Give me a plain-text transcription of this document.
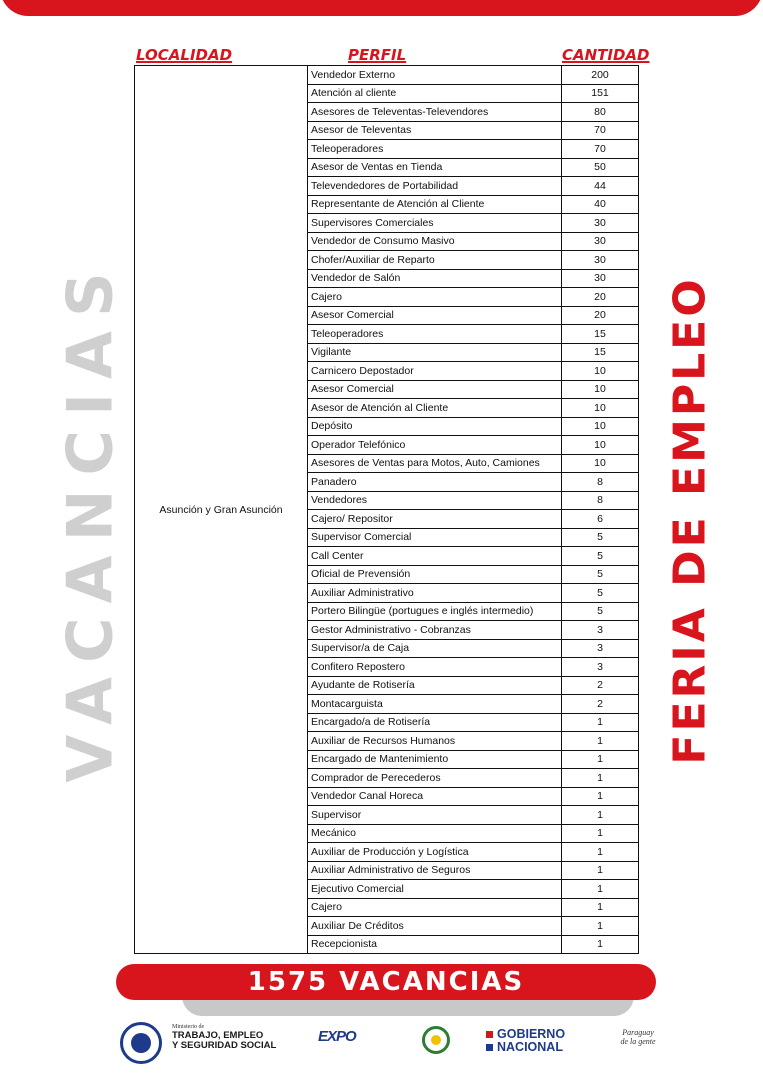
VACANCIAS	FERIA DE EMPLEO
LOCALIDAD	PERFIL	CANTIDAD
Asunción y Gran Asunción	Vendedor Externo	200
	Atención al cliente	151
	Asesores de Televentas-Televendores	80
	Asesor de Televentas	70
	Teleoperadores	70
	Asesor de Ventas en Tienda	50
	Televendedores de Portabilidad	44
	Representante de Atención al Cliente	40
	Supervisores Comerciales	30
	Vendedor de Consumo Masivo	30
	Chofer/Auxiliar de Reparto	30
	Vendedor de Salón	30
	Cajero	20
	Asesor Comercial	20
	Teleoperadores	15
	Vigilante	15
	Carnicero Depostador	10
	Asesor Comercial	10
	Asesor de Atención al Cliente	10
	Depósito	10
	Operador Telefónico	10
	Asesores de Ventas para Motos, Auto, Camiones	10
	Panadero	8
	Vendedores	8
	Cajero/ Repositor	6
	Supervisor Comercial	5
	Call Center	5
	Oficial de Prevensión	5
	Auxiliar Administrativo	5
	Portero Bilingüe (portugues e inglés intermedio)	5
	Gestor Administrativo - Cobranzas	3
	Supervisor/a de Caja	3
	Confitero Repostero	3
	Ayudante de Rotisería	2
	Montacarguista	2
	Encargado/a de Rotisería	1
	Auxiliar de Recursos Humanos	1
	Encargado de Mantenimiento	1
	Comprador de Perecederos	1
	Vendedor Canal Horeca	1
	Supervisor	1
	Mecánico	1
	Auxiliar de Producción y Logística	1
	Auxiliar Administrativo de Seguros	1
	Ejecutivo Comercial	1
	Cajero	1
	Auxiliar De Créditos	1
	Recepcionista	1
1575 VACANCIAS
Ministerio de
TRABAJO, EMPLEO
Y SEGURIDAD SOCIAL
EXPO	GOBIERNO
NACIONAL
Paraguay
de la gente
